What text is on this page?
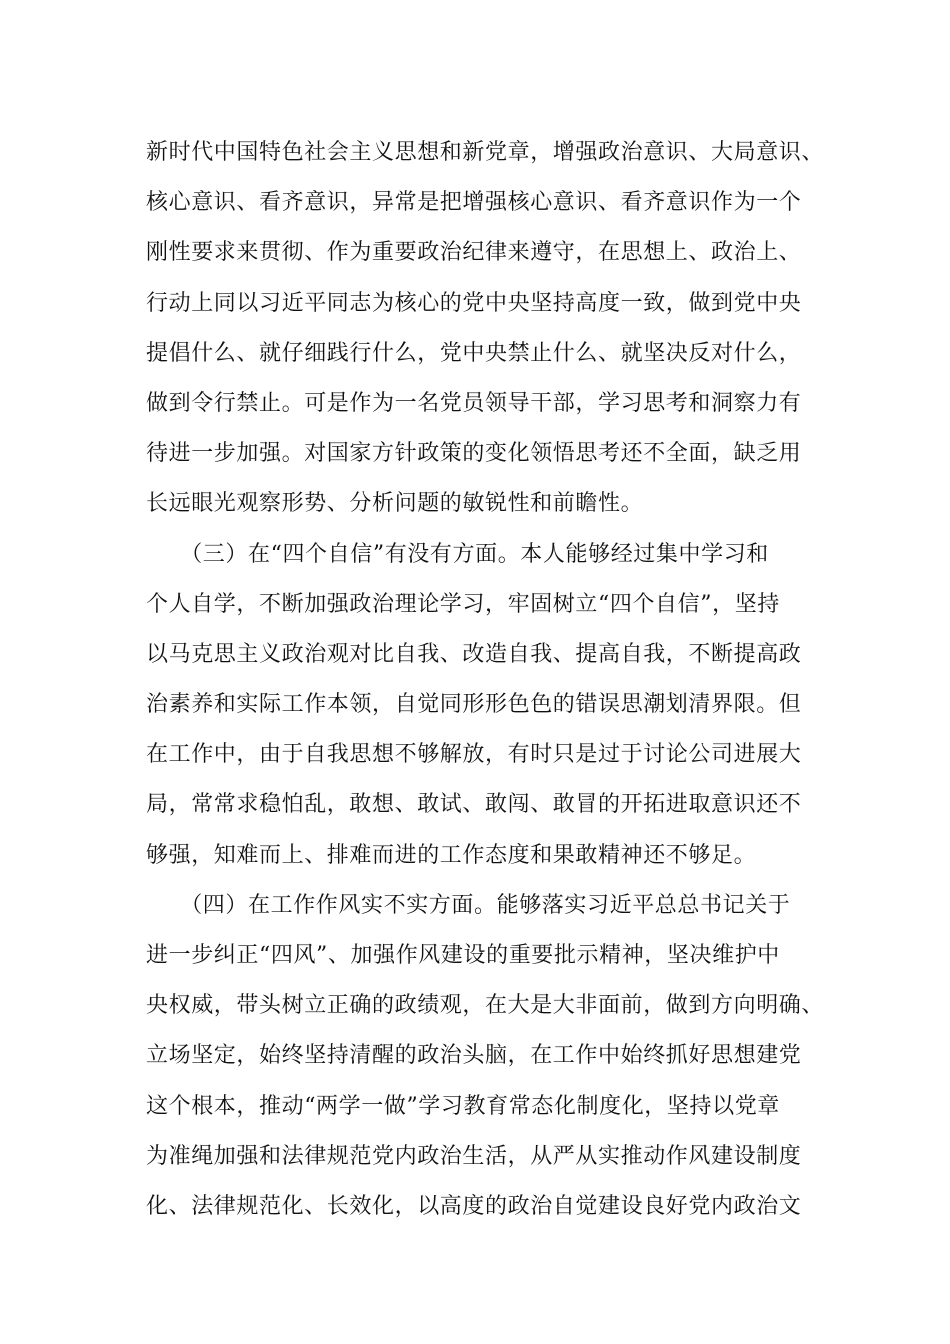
新时代中国特色社会主义思想和新党章，增强政治意识、大局意识、
核心意识、看齐意识，异常是把增强核心意识、看齐意识作为一个
刚性要求来贯彻、作为重要政治纪律来遵守，在思想上、政治上、
行动上同以习近平同志为核心的党中央坚持高度一致，做到党中央
提倡什么、就仔细践行什么，党中央禁止什么、就坚决反对什么，
做到令行禁止。可是作为一名党员领导干部，学习思考和洞察力有
待进一步加强。对国家方针政策的变化领悟思考还不全面，缺乏用
长远眼光观察形势、分析问题的敏锐性和前瞻性。
　　（三）在“四个自信”有没有方面。本人能够经过集中学习和
个人自学，不断加强政治理论学习，牢固树立“四个自信”，坚持
以马克思主义政治观对比自我、改造自我、提高自我，不断提高政
治素养和实际工作本领，自觉同形形色色的错误思潮划清界限。但
在工作中，由于自我思想不够解放，有时只是过于讨论公司进展大
局，常常求稳怕乱，敢想、敢试、敢闯、敢冒的开拓进取意识还不
够强，知难而上、排难而进的工作态度和果敢精神还不够足。
　　（四）在工作作风实不实方面。能够落实习近平总总书记关于
进一步纠正“四风”、加强作风建设的重要批示精神，坚决维护中
央权威，带头树立正确的政绩观，在大是大非面前，做到方向明确、
立场坚定，始终坚持清醒的政治头脑，在工作中始终抓好思想建党
这个根本，推动“两学一做”学习教育常态化制度化，坚持以党章
为准绳加强和法律规范党内政治生活，从严从实推动作风建设制度
化、法律规范化、长效化，以高度的政治自觉建设良好党内政治文
